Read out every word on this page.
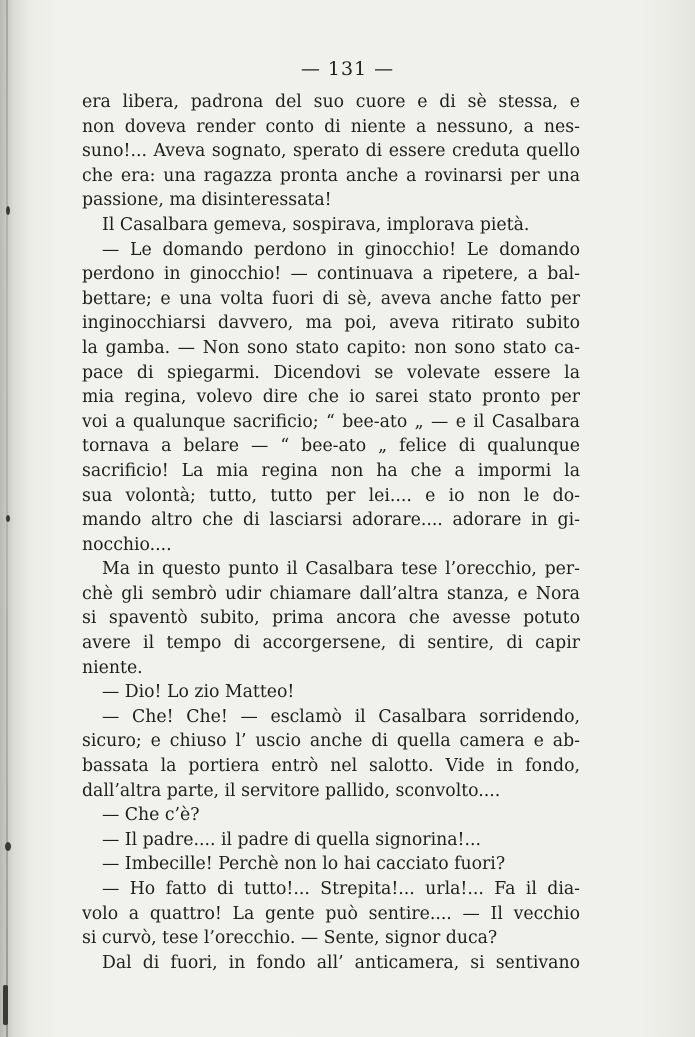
— 131 —
era libera, padrona del suo cuore e di sè stessa, e
non doveva render conto di niente a nessuno, a nes-
suno!... Aveva sognato, sperato di essere creduta quello
che era: una ragazza pronta anche a rovinarsi per una
passione, ma disinteressata!
Il Casalbara gemeva, sospirava, implorava pietà.
— Le domando perdono in ginocchio! Le domando
perdono in ginocchio! — continuava a ripetere, a bal-
bettare; e una volta fuori di sè, aveva anche fatto per
inginocchiarsi davvero, ma poi, aveva ritirato subito
la gamba. — Non sono stato capito: non sono stato ca-
pace di spiegarmi. Dicendovi se volevate essere la
mia regina, volevo dire che io sarei stato pronto per
voi a qualunque sacrificio; “ bee-ato „ — e il Casalbara
tornava a belare — “ bee-ato „ felice di qualunque
sacrificio! La mia regina non ha che a impormi la
sua volontà; tutto, tutto per lei.... e io non le do-
mando altro che di lasciarsi adorare.... adorare in gi-
nocchio....
Ma in questo punto il Casalbara tese l’orecchio, per-
chè gli sembrò udir chiamare dall’altra stanza, e Nora
si spaventò subito, prima ancora che avesse potuto
avere il tempo di accorgersene, di sentire, di capir
niente.
— Dio! Lo zio Matteo!
— Che! Che! — esclamò il Casalbara sorridendo,
sicuro; e chiuso l’ uscio anche di quella camera e ab-
bassata la portiera entrò nel salotto. Vide in fondo,
dall’altra parte, il servitore pallido, sconvolto....
— Che c’è?
— Il padre.... il padre di quella signorina!...
— Imbecille! Perchè non lo hai cacciato fuori?
— Ho fatto di tutto!... Strepita!... urla!... Fa il dia-
volo a quattro! La gente può sentire.... — Il vecchio
si curvò, tese l’orecchio. — Sente, signor duca?
Dal di fuori, in fondo all’ anticamera, si sentivano
